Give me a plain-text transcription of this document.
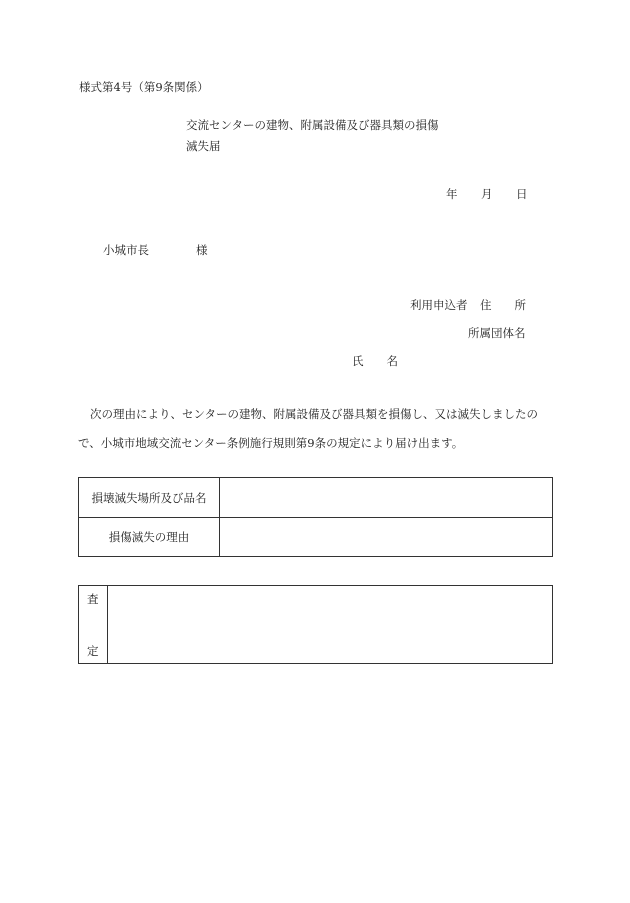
様式第4号（第9条関係）
交流センターの建物、附属設備及び器具類の損傷
滅失届
年 月 日
小城市長	様
利用申込者 住　　所
所属団体名
氏　　名
次の理由により、センターの建物、附属設備及び器具類を損傷し、又は滅失しましたの
で、小城市地域交流センター条例施行規則第9条の規定により届け出ます。
損壊滅失場所及び品名	
損傷滅失の理由	
査
定
